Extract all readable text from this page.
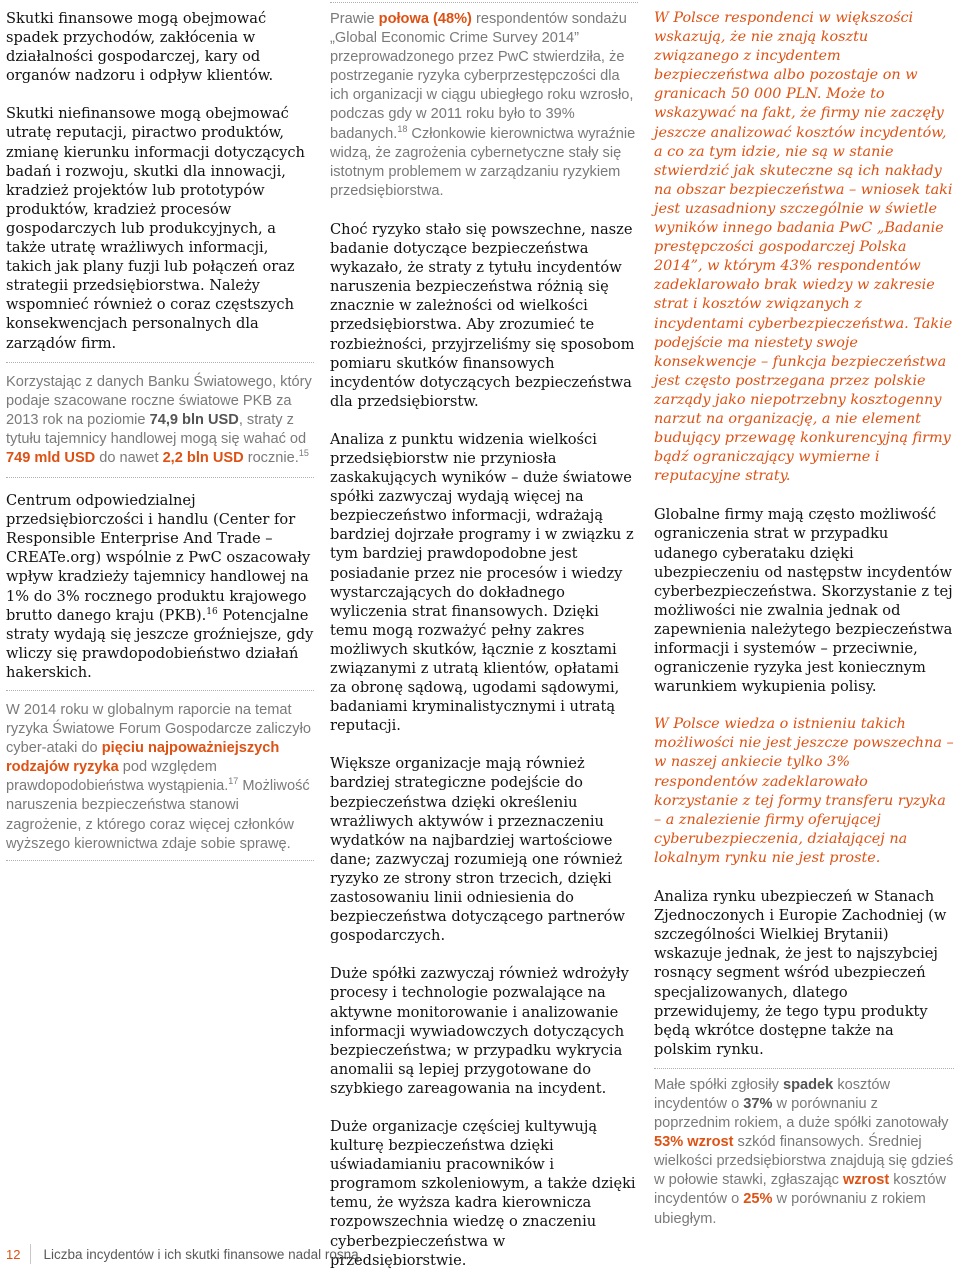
Skutki finansowe mogą obejmować spadek przychodów, zakłócenia w działalności gospodarczej, kary od organów nadzoru i odpływ klientów.

Skutki niefinansowe mogą obejmować utratę reputacji, piractwo produktów, zmianę kierunku informacji dotyczących badań i rozwoju, skutki dla innowacji, kradzież projektów lub prototypów produktów, kradzież procesów gospodarczych lub produkcyjnych, a także utratę wrażliwych informacji, takich jak plany fuzji lub połączeń oraz strategii przedsiębiorstwa. Należy wspomnieć również o coraz częstszych konsekwencjach personalnych dla zarządów firm.

Korzystając z danych Banku Światowego, który podaje szacowane roczne światowe PKB za 2013 rok na poziomie 74,9 bln USD, straty z tytułu tajemnicy handlowej mogą się wahać od 749 mld USD do nawet 2,2 bln USD rocznie.$^{15}$

Centrum odpowiedzialnej przedsiębiorczości i handlu (Center for Responsible Enterprise And Trade – CREATe.org) wspólnie z PwC oszacowały wpływ kradzieży tajemnicy handlowej na 1% do 3% rocznego produktu krajowego brutto danego kraju (PKB).$^{16}$ Potencjalne straty wydają się jeszcze groźniejsze, gdy wliczy się prawdopodobieństwo działań hakerskich.

W 2014 roku w globalnym raporcie na temat ryzyka Światowe Forum Gospodarcze zaliczyło cyber-ataki do pięciu najpoważniejszych rodzajów ryzyka pod względem prawdopodobieństwa wystąpienia.$^{17}$ Możliwość naruszenia bezpieczeństwa stanowi zagrożenie, z którego coraz więcej członków wyższego kierownictwa zdaje sobie sprawę.

Prawie połowa (48%) respondentów sondażu „Global Economic Crime Survey 2014” przeprowadzonego przez PwC stwierdziła, że postrzeganie ryzyka cyberprzestępczości dla ich organizacji w ciągu ubiegłego roku wzrosło, podczas gdy w 2011 roku było to 39% badanych.$^{18}$ Członkowie kierownictwa wyraźnie widzą, że zagrożenia cybernetyczne stały się istotnym problemem w zarządzaniu ryzykiem przedsiębiorstwa.

Choć ryzyko stało się powszechne, nasze badanie dotyczące bezpieczeństwa wykazało, że straty z tytułu incydentów naruszenia bezpieczeństwa różnią się znacznie w zależności od wielkości przedsiębiorstwa. Aby zrozumieć te rozbieżności, przyjrzeliśmy się sposobom pomiaru skutków finansowych incydentów dotyczących bezpieczeństwa dla przedsiębiorstw.

Analiza z punktu widzenia wielkości przedsiębiorstw nie przyniosła zaskakujących wyników – duże światowe spółki zazwyczaj wydają więcej na bezpieczeństwo informacji, wdrażają bardziej dojrzałe programy i w związku z tym bardziej prawdopodobne jest posiadanie przez nie procesów i wiedzy wystarczających do dokładnego wyliczenia strat finansowych. Dzięki temu mogą rozważyć pełny zakres możliwych skutków, łącznie z kosztami związanymi z utratą klientów, opłatami za obronę sądową, ugodami sądowymi, badaniami kryminalistycznymi i utratą reputacji.

Większe organizacje mają również bardziej strategiczne podejście do bezpieczeństwa dzięki określeniu wrażliwych aktywów i przeznaczeniu wydatków na najbardziej wartościowe dane; zazwyczaj rozumieją one również ryzyko ze strony stron trzecich, dzięki zastosowaniu linii odniesienia do bezpieczeństwa dotyczącego partnerów gospodarczych.

Duże spółki zazwyczaj również wdrożyły procesy i technologie pozwalające na aktywne monitorowanie i analizowanie informacji wywiadowczych dotyczących bezpieczeństwa; w przypadku wykrycia anomalii są lepiej przygotowane do szybkiego zareagowania na incydent.

Duże organizacje częściej kultywują kulturę bezpieczeństwa dzięki uświadamianiu pracowników i programom szkoleniowym, a także dzięki temu, że wyższa kadra kierownicza rozpowszechnia wiedzę o znaczeniu cyberbezpieczeństwa w przedsiębiorstwie.

W Polsce respondenci w większości wskazują, że nie znają kosztu związanego z incydentem bezpieczeństwa albo pozostaje on w granicach 50 000 PLN. Może to wskazywać na fakt, że firmy nie zaczęły jeszcze analizować kosztów incydentów, a co za tym idzie, nie są w stanie stwierdzić jak skuteczne są ich nakłady na obszar bezpieczeństwa – wniosek taki jest uzasadniony szczególnie w świetle wyników innego badania PwC „Badanie prestępczości gospodarczej Polska 2014”, w którym 43% respondentów zadeklarowało brak wiedzy w zakresie strat i kosztów związanych z incydentami cyberbezpieczeństwa. Takie podejście ma niestety swoje konsekwencje – funkcja bezpieczeństwa jest często postrzegana przez polskie zarządy jako niepotrzebny kosztogenny narzut na organizację, a nie element budujący przewagę konkurencyjną firmy bądź ograniczający wymierne i reputacyjne straty.

Globalne firmy mają często możliwość ograniczenia strat w przypadku udanego cyberataku dzięki ubezpieczeniu od następstw incydentów cyberbezpieczeństwa. Skorzystanie z tej możliwości nie zwalnia jednak od zapewnienia należytego bezpieczeństwa informacji i systemów – przeciwnie, ograniczenie ryzyka jest koniecznym warunkiem wykupienia polisy.

W Polsce wiedza o istnieniu takich możliwości nie jest jeszcze powszechna – w naszej ankiecie tylko 3% respondentów zadeklarowało korzystanie z tej formy transferu ryzyka – a znalezienie firmy oferującej cyberubezpieczenia, działającej na lokalnym rynku nie jest proste.

Analiza rynku ubezpieczeń w Stanach Zjednoczonych i Europie Zachodniej (w szczególności Wielkiej Brytanii) wskazuje jednak, że jest to najszybciej rosnący segment wśród ubezpieczeń specjalizowanych, dlatego przewidujemy, że tego typu produkty będą wkrótce dostępne także na polskim rynku.

Małe spółki zgłosiły spadek kosztów incydentów o 37% w porównaniu z poprzednim rokiem, a duże spółki zanotowały 53% wzrost szkód finansowych. Średniej wielkości przedsiębiorstwa znajdują się gdzieś w połowie stawki, zgłaszając wzrost kosztów incydentów o 25% w porównaniu z rokiem ubiegłym.

12 Liczba incydentów i ich skutki finansowe nadal rosną
